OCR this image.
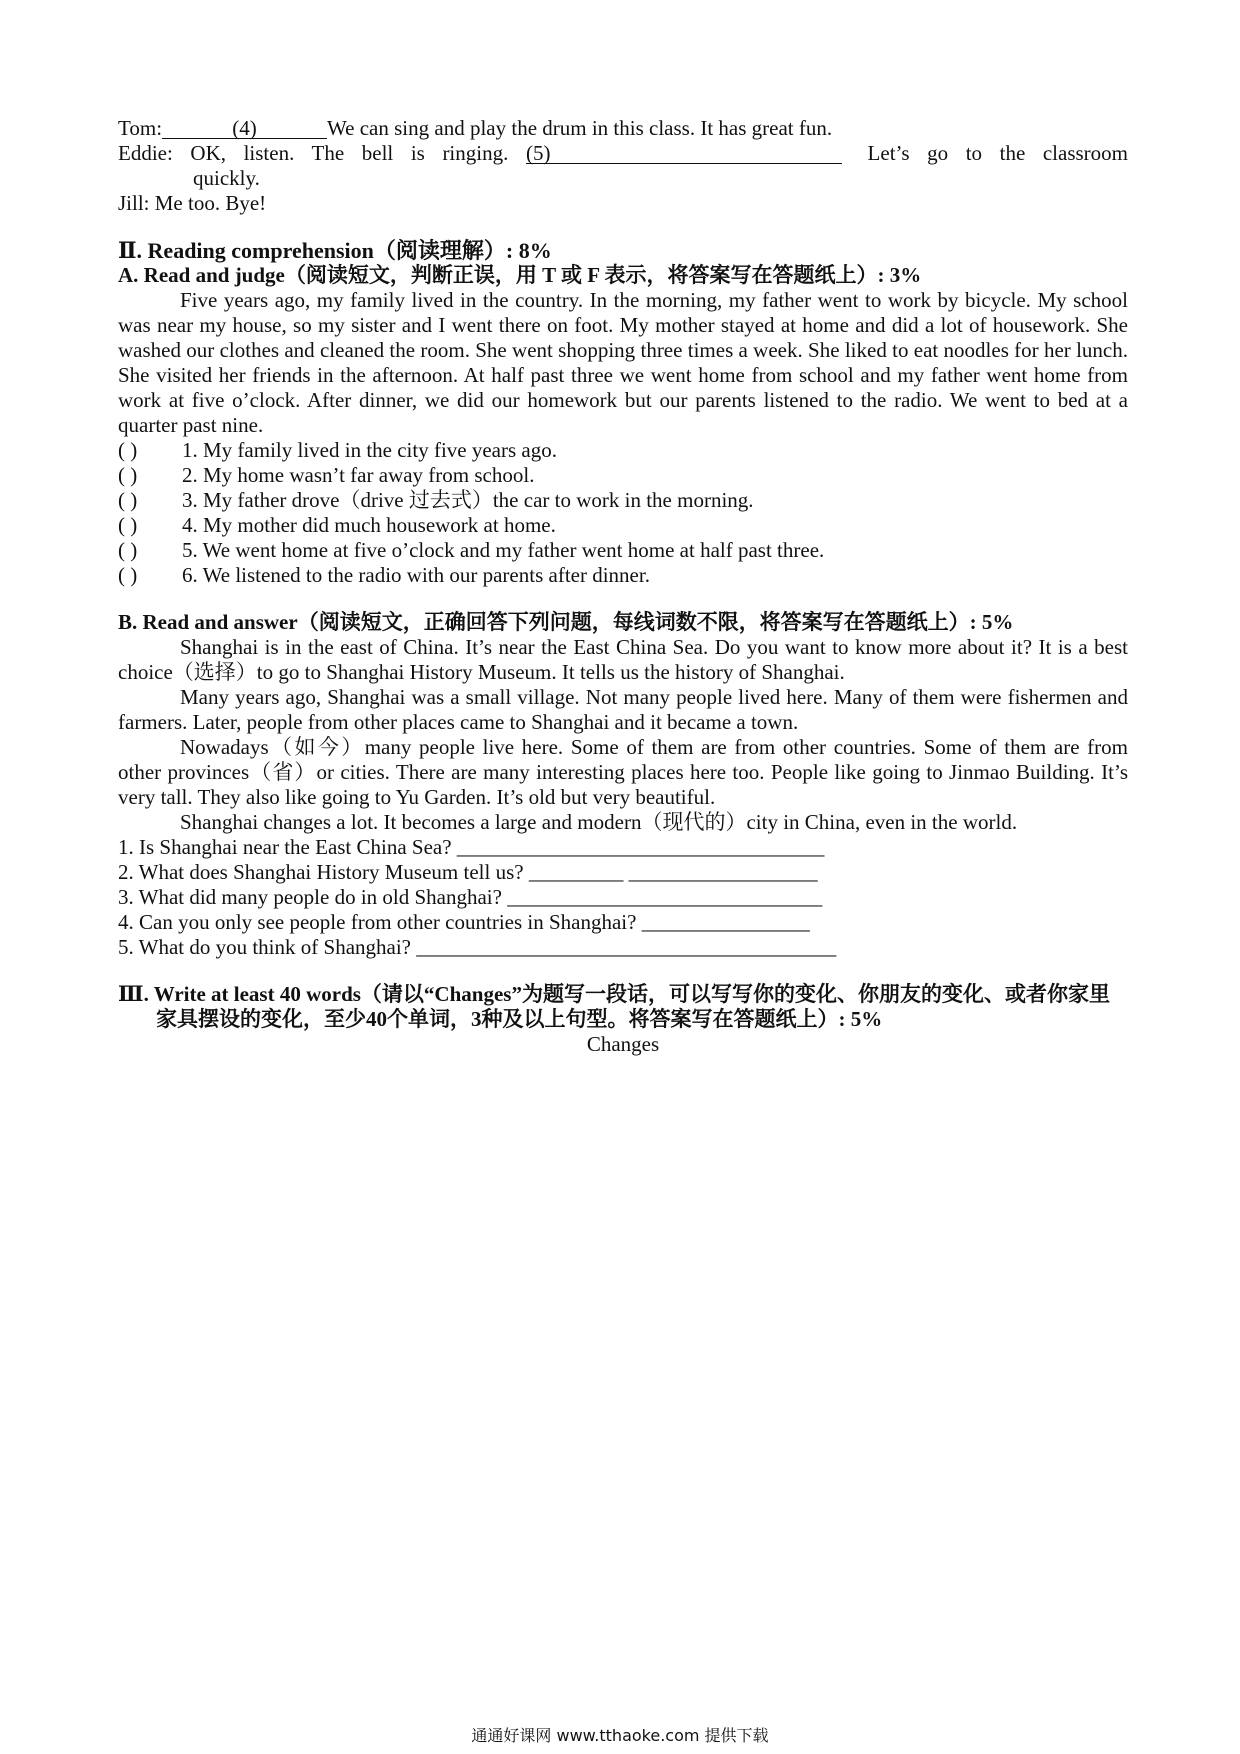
Tom:	(4)	We can sing and play the drum in this class. It has great fun.
Eddie: OK, listen. The bell is ringing. (5)	Let’s go to the classroom
quickly.
Jill: Me too. Bye!
Ⅱ. Reading comprehension（阅读理解）: 8%
A. Read and judge（阅读短文，判断正误，用 T 或 F 表示，将答案写在答题纸上）: 3%
Five years ago, my family lived in the country. In the morning, my father went to work by bicycle. My school was near my house, so my sister and I went there on foot. My mother stayed at home and did a lot of housework. She washed our clothes and cleaned the room. She went shopping three times a week. She liked to eat noodles for her lunch. She visited her friends in the afternoon. At half past three we went home from school and my father went home from work at five o’clock. After dinner, we did our homework but our parents listened to the radio. We went to bed at a quarter past nine.
( ) 1. My family lived in the city five years ago.
( ) 2. My home wasn’t far away from school.
( ) 3. My father drove（drive 过去式）the car to work in the morning.
( ) 4. My mother did much housework at home.
( ) 5. We went home at five o’clock and my father went home at half past three.
( ) 6. We listened to the radio with our parents after dinner.
B. Read and answer（阅读短文，正确回答下列问题，每线词数不限，将答案写在答题纸上）: 5%
Shanghai is in the east of China. It’s near the East China Sea. Do you want to know more about it? It is a best choice（选择）to go to Shanghai History Museum. It tells us the history of Shanghai.
Many years ago, Shanghai was a small village. Not many people lived here. Many of them were fishermen and farmers. Later, people from other places came to Shanghai and it became a town.
Nowadays（如今）many people live here. Some of them are from other countries. Some of them are from other provinces（省）or cities. There are many interesting places here too. People like going to Jinmao Building. It’s very tall. They also like going to Yu Garden. It’s old but very beautiful.
Shanghai changes a lot. It becomes a large and modern（现代的）city in China, even in the world.
1. Is Shanghai near the East China Sea? ___________________________________
2. What does Shanghai History Museum tell us? _________ __________________
3. What did many people do in old Shanghai? ______________________________
4. Can you only see people from other countries in Shanghai? ________________
5. What do you think of Shanghai? ________________________________________
Ⅲ. Write at least 40 words（请以“Changes”为题写一段话，可以写写你的变化、你朋友的变化、或者你家里家具摆设的变化，至少40个单词，3种及以上句型。将答案写在答题纸上）: 5%
Changes
通通好课网 www.tthaoke.com 提供下载
